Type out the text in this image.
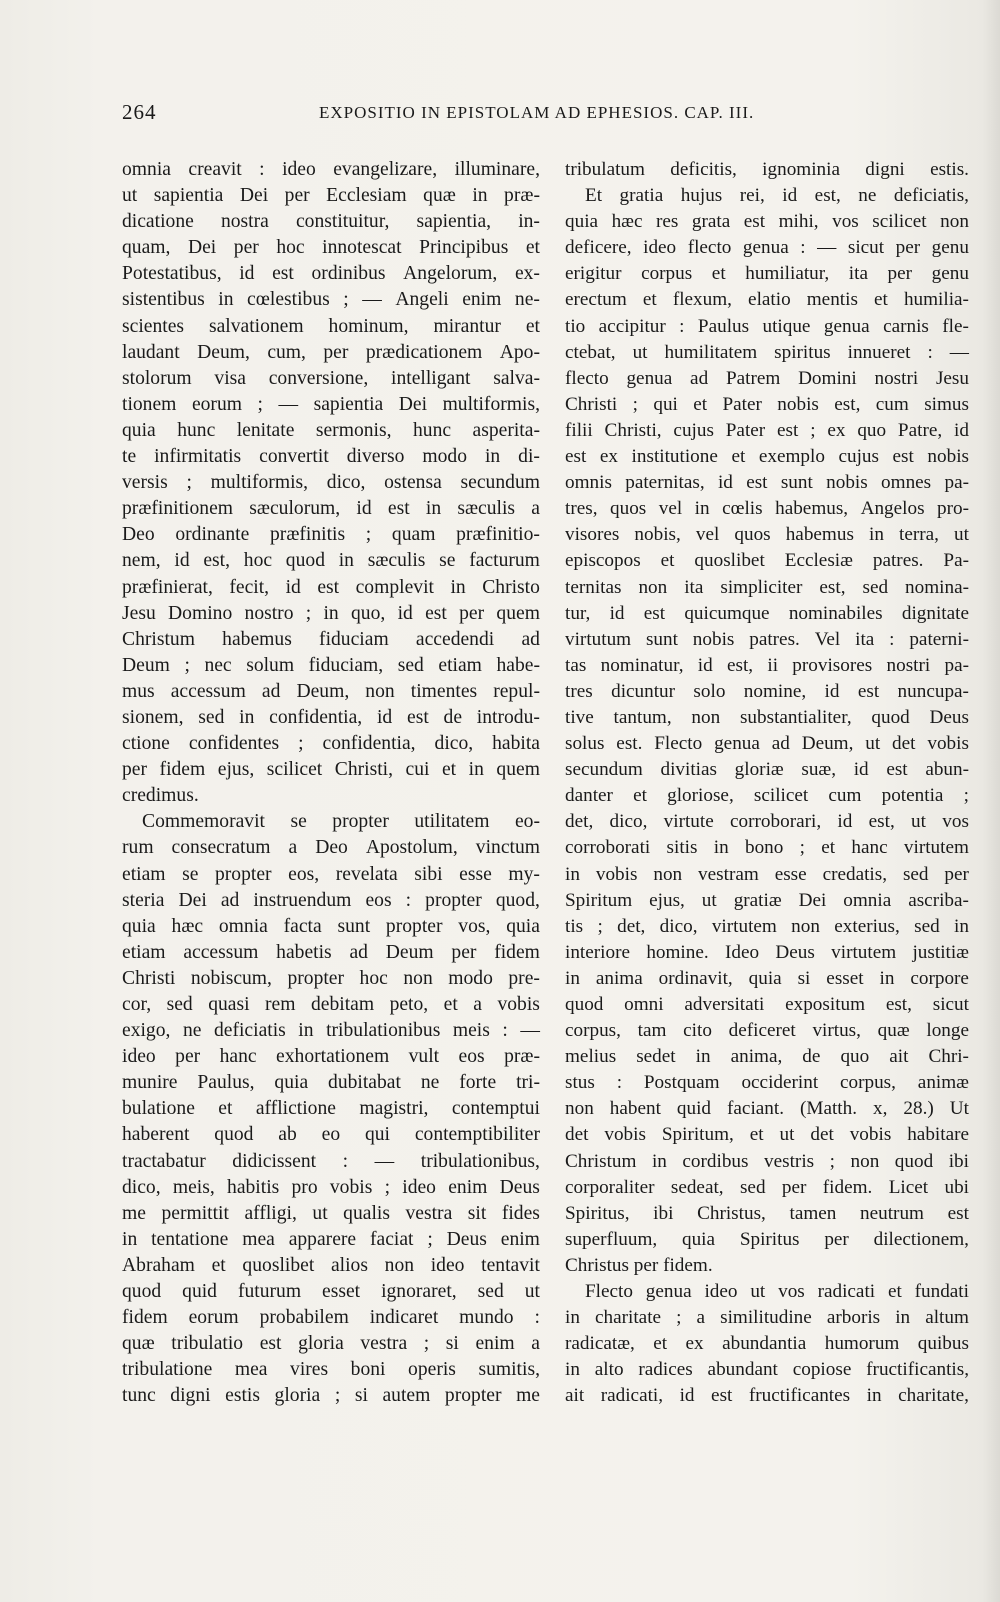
264	EXPOSITIO IN EPISTOLAM AD EPHESIOS. CAP. III.
omnia creavit : ideo evangelizare, illuminare,
ut sapientia Dei per Ecclesiam quæ in præ-
dicatione nostra constituitur, sapientia, in-
quam, Dei per hoc innotescat Principibus et
Potestatibus, id est ordinibus Angelorum, ex-
sistentibus in cœlestibus ; — Angeli enim ne-
scientes salvationem hominum, mirantur et
laudant Deum, cum, per prædicationem Apo-
stolorum visa conversione, intelligant salva-
tionem eorum ; — sapientia Dei multiformis,
quia hunc lenitate sermonis, hunc asperita-
te infirmitatis convertit diverso modo in di-
versis ; multiformis, dico, ostensa secundum
præfinitionem sæculorum, id est in sæculis a
Deo ordinante præfinitis ; quam præfinitio-
nem, id est, hoc quod in sæculis se facturum
præfinierat, fecit, id est complevit in Christo
Jesu Domino nostro ; in quo, id est per quem
Christum habemus fiduciam accedendi ad
Deum ; nec solum fiduciam, sed etiam habe-
mus accessum ad Deum, non timentes repul-
sionem, sed in confidentia, id est de introdu-
ctione confidentes ; confidentia, dico, habita
per fidem ejus, scilicet Christi, cui et in quem
credimus.
Commemoravit se propter utilitatem eo-
rum consecratum a Deo Apostolum, vinctum
etiam se propter eos, revelata sibi esse my-
steria Dei ad instruendum eos : propter quod,
quia hæc omnia facta sunt propter vos, quia
etiam accessum habetis ad Deum per fidem
Christi nobiscum, propter hoc non modo pre-
cor, sed quasi rem debitam peto, et a vobis
exigo, ne deficiatis in tribulationibus meis : —
ideo per hanc exhortationem vult eos præ-
munire Paulus, quia dubitabat ne forte tri-
bulatione et afflictione magistri, contemptui
haberent quod ab eo qui contemptibiliter
tractabatur didicissent : — tribulationibus,
dico, meis, habitis pro vobis ; ideo enim Deus
me permittit affligi, ut qualis vestra sit fides
in tentatione mea apparere faciat ; Deus enim
Abraham et quoslibet alios non ideo tentavit
quod quid futurum esset ignoraret, sed ut
fidem eorum probabilem indicaret mundo :
quæ tribulatio est gloria vestra ; si enim a
tribulatione mea vires boni operis sumitis,
tunc digni estis gloria ; si autem propter me
tribulatum deficitis, ignominia digni estis.
Et gratia hujus rei, id est, ne deficiatis,
quia hæc res grata est mihi, vos scilicet non
deficere, ideo flecto genua : — sicut per genu
erigitur corpus et humiliatur, ita per genu
erectum et flexum, elatio mentis et humilia-
tio accipitur : Paulus utique genua carnis fle-
ctebat, ut humilitatem spiritus innueret : —
flecto genua ad Patrem Domini nostri Jesu
Christi ; qui et Pater nobis est, cum simus
filii Christi, cujus Pater est ; ex quo Patre, id
est ex institutione et exemplo cujus est nobis
omnis paternitas, id est sunt nobis omnes pa-
tres, quos vel in cœlis habemus, Angelos pro-
visores nobis, vel quos habemus in terra, ut
episcopos et quoslibet Ecclesiæ patres. Pa-
ternitas non ita simpliciter est, sed nomina-
tur, id est quicumque nominabiles dignitate
virtutum sunt nobis patres. Vel ita : paterni-
tas nominatur, id est, ii provisores nostri pa-
tres dicuntur solo nomine, id est nuncupa-
tive tantum, non substantialiter, quod Deus
solus est. Flecto genua ad Deum, ut det vobis
secundum divitias gloriæ suæ, id est abun-
danter et gloriose, scilicet cum potentia ;
det, dico, virtute corroborari, id est, ut vos
corroborati sitis in bono ; et hanc virtutem
in vobis non vestram esse credatis, sed per
Spiritum ejus, ut gratiæ Dei omnia ascriba-
tis ; det, dico, virtutem non exterius, sed in
interiore homine. Ideo Deus virtutem justitiæ
in anima ordinavit, quia si esset in corpore
quod omni adversitati expositum est, sicut
corpus, tam cito deficeret virtus, quæ longe
melius sedet in anima, de quo ait Chri-
stus : Postquam occiderint corpus, animæ
non habent quid faciant. (Matth. x, 28.) Ut
det vobis Spiritum, et ut det vobis habitare
Christum in cordibus vestris ; non quod ibi
corporaliter sedeat, sed per fidem. Licet ubi
Spiritus, ibi Christus, tamen neutrum est
superfluum, quia Spiritus per dilectionem,
Christus per fidem.
Flecto genua ideo ut vos radicati et fundati
in charitate ; a similitudine arboris in altum
radicatæ, et ex abundantia humorum quibus
in alto radices abundant copiose fructificantis,
ait radicati, id est fructificantes in charitate,
